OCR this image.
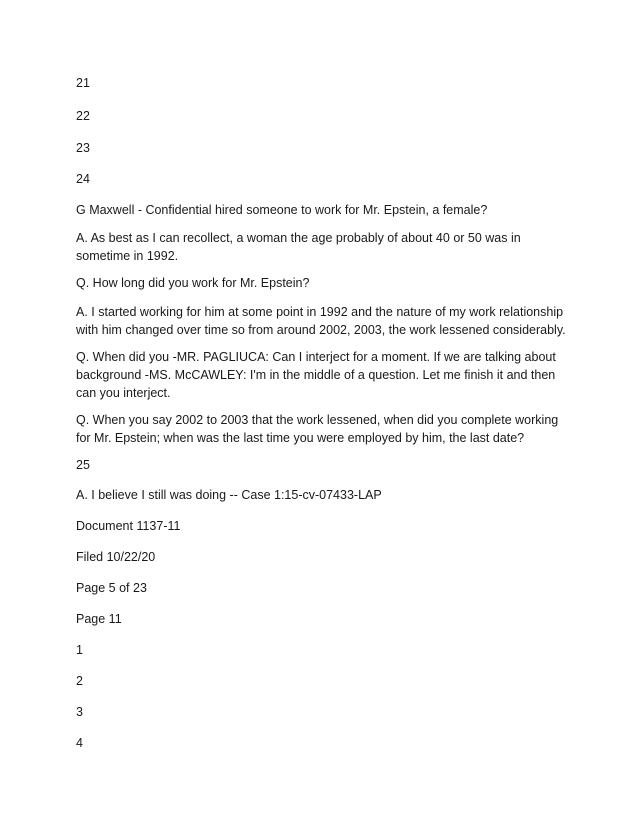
21

22

23

24

G Maxwell - Confidential hired someone to work for Mr. Epstein, a female?

A. As best as I can recollect, a woman the age probably of about 40 or 50 was in sometime in 1992.

Q. How long did you work for Mr. Epstein?

A. I started working for him at some point in 1992 and the nature of my work relationship with him changed over time so from around 2002, 2003, the work lessened considerably.

Q. When did you -MR. PAGLIUCA: Can I interject for a moment. If we are talking about background -MS. McCAWLEY: I'm in the middle of a question. Let me finish it and then can you interject.

Q. When you say 2002 to 2003 that the work lessened, when did you complete working for Mr. Epstein; when was the last time you were employed by him, the last date?

25

A. I believe I still was doing -- Case 1:15-cv-07433-LAP

Document 1137-11

Filed 10/22/20

Page 5 of 23

Page 11

1

2

3

4
